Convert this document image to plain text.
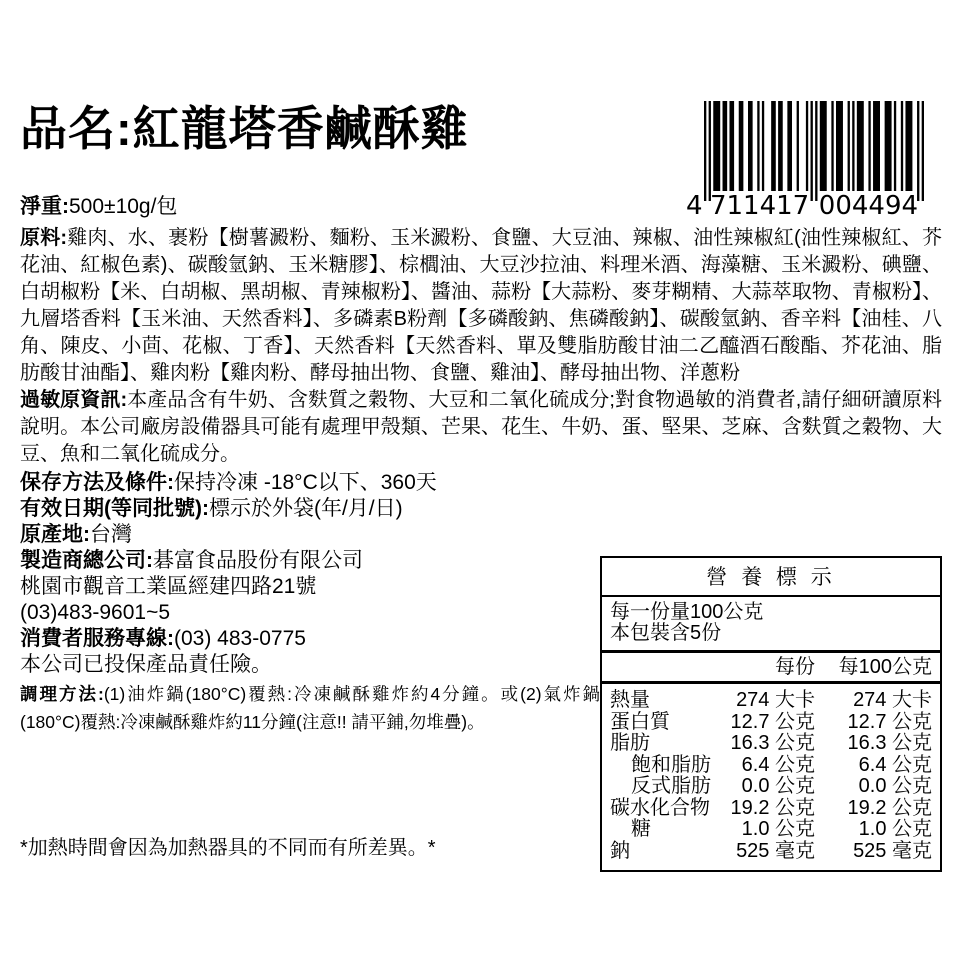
品名:紅龍塔香鹹酥雞
4 711417 004494
淨重:500±10g/包

原料:雞肉、水、裹粉【樹薯澱粉、麵粉、玉米澱粉、食鹽、大豆油、辣椒、油性辣椒紅(油性辣椒紅、芥花油、紅椒色素)、碳酸氫鈉、玉米糖膠】、棕櫚油、大豆沙拉油、料理米酒、海藻糖、玉米澱粉、碘鹽、白胡椒粉【米、白胡椒、黑胡椒、青辣椒粉】、醬油、蒜粉【大蒜粉、麥芽糊精、大蒜萃取物、青椒粉】、九層塔香料【玉米油、天然香料】、多磷素B粉劑【多磷酸鈉、焦磷酸鈉】、碳酸氫鈉、香辛料【油桂、八角、陳皮、小茴、花椒、丁香】、天然香料【天然香料、單及雙脂肪酸甘油二乙醯酒石酸酯、芥花油、脂肪酸甘油酯】、雞肉粉【雞肉粉、酵母抽出物、食鹽、雞油】、酵母抽出物、洋蔥粉

過敏原資訊:本產品含有牛奶、含麩質之穀物、大豆和二氧化硫成分;對食物過敏的消費者,請仔細研讀原料說明。本公司廠房設備器具可能有處理甲殼類、芒果、花生、牛奶、蛋、堅果、芝麻、含麩質之穀物、大豆、魚和二氧化硫成分。

保存方法及條件:保持冷凍 -18°C以下、360天
有效日期(等同批號):標示於外袋(年/月/日)
原產地:台灣
製造商總公司:碁富食品股份有限公司
桃園市觀音工業區經建四路21號
(03)483-9601~5
消費者服務專線:(03) 483-0775
本公司已投保產品責任險。

調理方法:(1)油炸鍋(180°C)覆熱:冷凍鹹酥雞炸約4分鐘。或(2)氣炸鍋(180°C)覆熱:冷凍鹹酥雞炸約11分鐘(注意!! 請平鋪,勿堆疊)。

*加熱時間會因為加熱器具的不同而有所差異。*
營 養 標 示
每一份量100公克
本包裝含5份
每份	每100公克
熱量	274 大卡	274 大卡
蛋白質	12.7 公克	12.7 公克
脂肪	16.3 公克	16.3 公克
飽和脂肪	6.4 公克	6.4 公克
反式脂肪	0.0 公克	0.0 公克
碳水化合物	19.2 公克	19.2 公克
糖	1.0 公克	1.0 公克
鈉	525 毫克	525 毫克
